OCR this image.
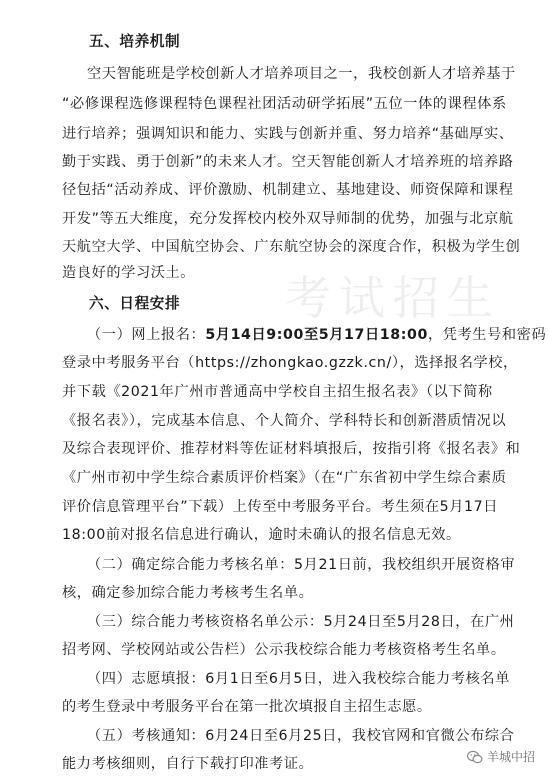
五、培养机制
空天智能班是学校创新人才培养项目之一，我校创新人才培养基于
“必修课程选修课程特色课程社团活动研学拓展”五位一体的课程体系
进行培养；强调知识和能力、实践与创新并重、努力培养“基础厚实、
勤于实践、勇于创新”的未来人才。空天智能创新人才培养班的培养路
径包括“活动养成、评价激励、机制建立、基地建设、师资保障和课程
开发”等五大维度，充分发挥校内校外双导师制的优势，加强与北京航
天航空大学、中国航空协会、广东航空协会的深度合作，积极为学生创
造良好的学习沃土。
六、日程安排
（一）网上报名：5月14日9:00至5月17日18:00，凭考生号和密码
登录中考服务平台（https://zhongkao.gzzk.cn/），选择报名学校，
并下载《2021年广州市普通高中学校自主招生报名表》（以下简称
《报名表》），完成基本信息、个人简介、学科特长和创新潜质情况以
及综合表现评价、推荐材料等佐证材料填报后，按指引将《报名表》和
《广州市初中学生综合素质评价档案》（在“广东省初中学生综合素质
评价信息管理平台”下载）上传至中考服务平台。考生须在5月17日
18:00前对报名信息进行确认，逾时未确认的报名信息无效。
（二）确定综合能力考核名单：5月21日前，我校组织开展资格审
核，确定参加综合能力考核考生名单。
（三）综合能力考核资格名单公示：5月24日至5月28日，在广州
招考网、学校网站或公告栏）公示我校综合能力考核资格考生名单。
（四）志愿填报：6月1日至6月5日，进入我校综合能力考核名单
的考生登录中考服务平台在第一批次填报自主招生志愿。
（五）考核通知：6月24日至6月25日，我校官网和官微公布综合
能力考核细则，自行下载打印准考证。
考试招生
羊城中招
